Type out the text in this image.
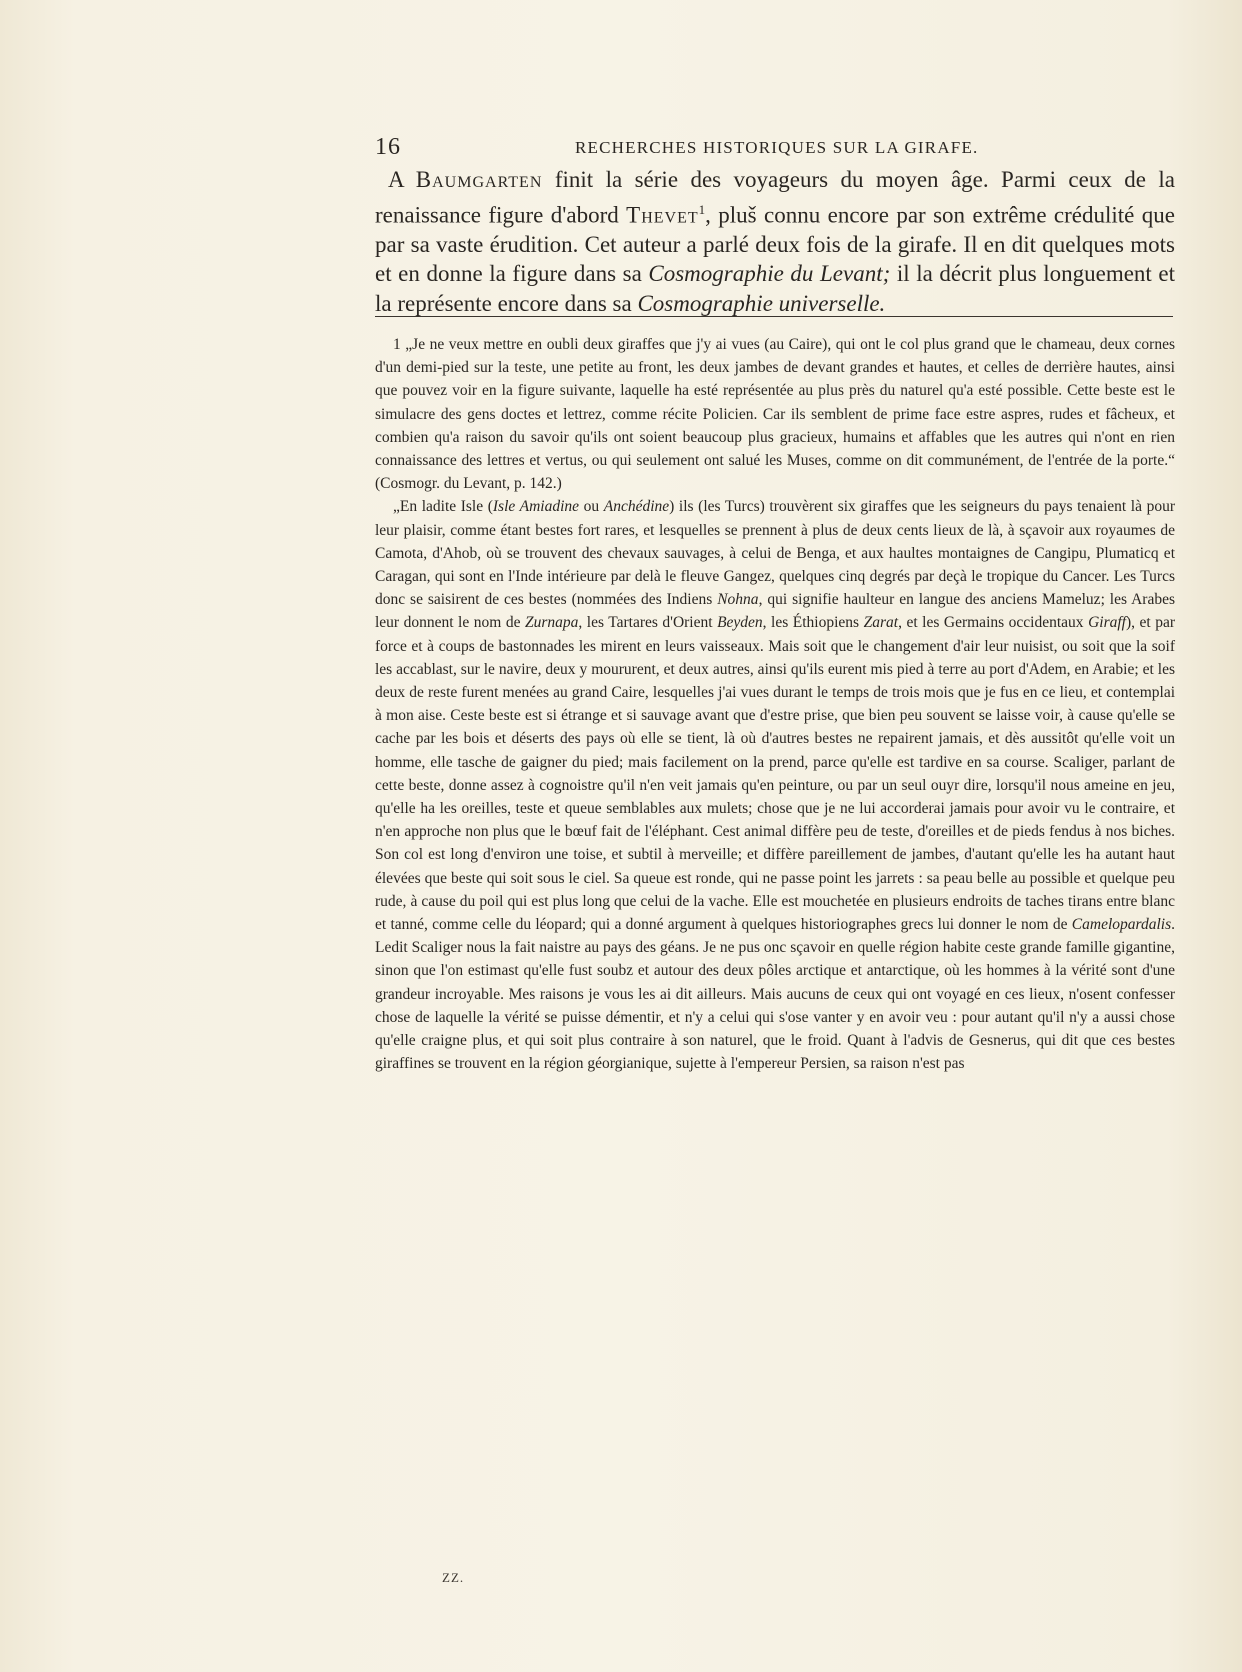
16	RECHERCHES HISTORIQUES SUR LA GIRAFE.
A Baumgarten finit la série des voyageurs du moyen âge. Parmi ceux de la renaissance figure d'abord Thevet$^1$, pluš connu encore par son extrême crédulité que par sa vaste érudition. Cet auteur a parlé deux fois de la girafe. Il en dit quelques mots et en donne la figure dans sa Cosmographie du Levant; il la décrit plus longuement et la représente encore dans sa Cosmographie universelle.

1 „Je ne veux mettre en oubli deux giraffes que j'y ai vues (au Caire), qui ont le col plus grand que le chameau, deux cornes d'un demi-pied sur la teste, une petite au front, les deux jambes de devant grandes et hautes, et celles de derrière hautes, ainsi que pouvez voir en la figure suivante, laquelle ha esté représentée au plus près du naturel qu'a esté possible. Cette beste est le simulacre des gens doctes et lettrez, comme récite Policien. Car ils semblent de prime face estre aspres, rudes et fâcheux, et combien qu'a raison du savoir qu'ils ont soient beaucoup plus gracieux, humains et affables que les autres qui n'ont en rien connaissance des lettres et vertus, ou qui seulement ont salué les Muses, comme on dit communément, de l'entrée de la porte.“ (Cosmogr. du Levant, p. 142.)

„En ladite Isle (Isle Amiadine ou Anchédine) ils (les Turcs) trouvèrent six giraffes que les seigneurs du pays tenaient là pour leur plaisir, comme étant bestes fort rares, et lesquelles se prennent à plus de deux cents lieux de là, à sçavoir aux royaumes de Camota, d'Ahob, où se trouvent des chevaux sauvages, à celui de Benga, et aux haultes montaignes de Cangipu, Plumaticq et Caragan, qui sont en l'Inde intérieure par delà le fleuve Gangez, quelques cinq degrés par deçà le tropique du Cancer. Les Turcs donc se saisirent de ces bestes (nommées des Indiens Nohna, qui signifie haulteur en langue des anciens Mameluz; les Arabes leur donnent le nom de Zurnapa, les Tartares d'Orient Beyden, les Éthiopiens Zarat, et les Germains occidentaux Giraff), et par force et à coups de bastonnades les mirent en leurs vaisseaux. Mais soit que le changement d'air leur nuisist, ou soit que la soif les accablast, sur le navire, deux y moururent, et deux autres, ainsi qu'ils eurent mis pied à terre au port d'Adem, en Arabie; et les deux de reste furent menées au grand Caire, lesquelles j'ai vues durant le temps de trois mois que je fus en ce lieu, et contemplai à mon aise. Ceste beste est si étrange et si sauvage avant que d'estre prise, que bien peu souvent se laisse voir, à cause qu'elle se cache par les bois et déserts des pays où elle se tient, là où d'autres bestes ne repairent jamais, et dès aussitôt qu'elle voit un homme, elle tasche de gaigner du pied; mais facilement on la prend, parce qu'elle est tardive en sa course. Scaliger, parlant de cette beste, donne assez à cognoistre qu'il n'en veit jamais qu'en peinture, ou par un seul ouyr dire, lorsqu'il nous ameine en jeu, qu'elle ha les oreilles, teste et queue semblables aux mulets; chose que je ne lui accorderai jamais pour avoir vu le contraire, et n'en approche non plus que le bœuf fait de l'éléphant. Cest animal diffère peu de teste, d'oreilles et de pieds fendus à nos biches. Son col est long d'environ une toise, et subtil à merveille; et diffère pareillement de jambes, d'autant qu'elle les ha autant haut élevées que beste qui soit sous le ciel. Sa queue est ronde, qui ne passe point les jarrets : sa peau belle au possible et quelque peu rude, à cause du poil qui est plus long que celui de la vache. Elle est mouchetée en plusieurs endroits de taches tirans entre blanc et tanné, comme celle du léopard; qui a donné argument à quelques historiographes grecs lui donner le nom de Camelopardalis. Ledit Scaliger nous la fait naistre au pays des géans. Je ne pus onc sçavoir en quelle région habite ceste grande famille gigantine, sinon que l'on estimast qu'elle fust soubz et autour des deux pôles arctique et antarctique, où les hommes à la vérité sont d'une grandeur incroyable. Mes raisons je vous les ai dit ailleurs. Mais aucuns de ceux qui ont voyagé en ces lieux, n'osent confesser chose de laquelle la vérité se puisse démentir, et n'y a celui qui s'ose vanter y en avoir veu : pour autant qu'il n'y a aussi chose qu'elle craigne plus, et qui soit plus contraire à son naturel, que le froid. Quant à l'advis de Gesnerus, qui dit que ces bestes giraffines se trouvent en la région géorgianique, sujette à l'empereur Persien, sa raison n'est pas

ZZ.
